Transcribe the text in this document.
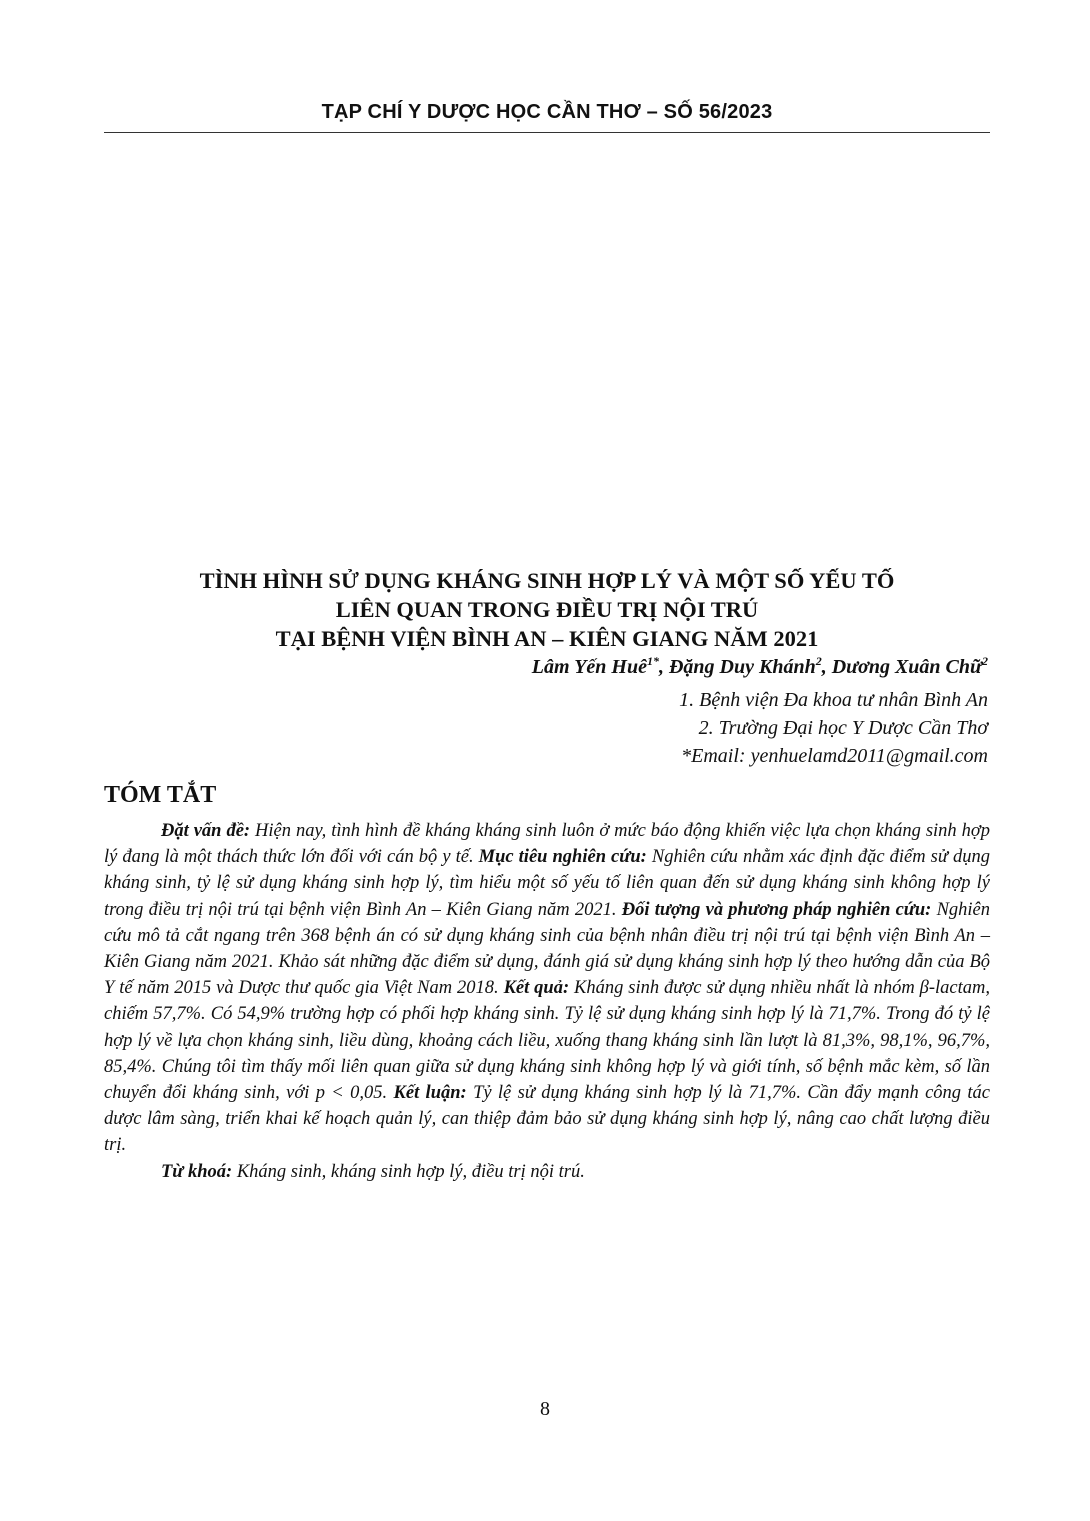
TẠP CHÍ Y DƯỢC HỌC CẦN THƠ – SỐ 56/2023
TÌNH HÌNH SỬ DỤNG KHÁNG SINH HỢP LÝ VÀ MỘT SỐ YẾU TỐ
LIÊN QUAN TRONG ĐIỀU TRỊ NỘI TRÚ
TẠI BỆNH VIỆN BÌNH AN – KIÊN GIANG NĂM 2021
Lâm Yến Huê$^{1*}$, Đặng Duy Khánh$^2$, Dương Xuân Chữ$^2$
1. Bệnh viện Đa khoa tư nhân Bình An
2. Trường Đại học Y Dược Cần Thơ
*Email: yenhuelamd2011@gmail.com
TÓM TẮT

Đặt vấn đề: Hiện nay, tình hình đề kháng kháng sinh luôn ở mức báo động khiến việc lựa chọn kháng sinh hợp lý đang là một thách thức lớn đối với cán bộ y tế. Mục tiêu nghiên cứu: Nghiên cứu nhằm xác định đặc điểm sử dụng kháng sinh, tỷ lệ sử dụng kháng sinh hợp lý, tìm hiểu một số yếu tố liên quan đến sử dụng kháng sinh không hợp lý trong điều trị nội trú tại bệnh viện Bình An – Kiên Giang năm 2021. Đối tượng và phương pháp nghiên cứu: Nghiên cứu mô tả cắt ngang trên 368 bệnh án có sử dụng kháng sinh của bệnh nhân điều trị nội trú tại bệnh viện Bình An – Kiên Giang năm 2021. Khảo sát những đặc điểm sử dụng, đánh giá sử dụng kháng sinh hợp lý theo hướng dẫn của Bộ Y tế năm 2015 và Dược thư quốc gia Việt Nam 2018. Kết quả: Kháng sinh được sử dụng nhiều nhất là nhóm β-lactam, chiếm 57,7%. Có 54,9% trường hợp có phối hợp kháng sinh. Tỷ lệ sử dụng kháng sinh hợp lý là 71,7%. Trong đó tỷ lệ hợp lý về lựa chọn kháng sinh, liều dùng, khoảng cách liều, xuống thang kháng sinh lần lượt là 81,3%, 98,1%, 96,7%, 85,4%. Chúng tôi tìm thấy mối liên quan giữa sử dụng kháng sinh không hợp lý và giới tính, số bệnh mắc kèm, số lần chuyển đổi kháng sinh, với p < 0,05. Kết luận: Tỷ lệ sử dụng kháng sinh hợp lý là 71,7%. Cần đẩy mạnh công tác dược lâm sàng, triển khai kế hoạch quản lý, can thiệp đảm bảo sử dụng kháng sinh hợp lý, nâng cao chất lượng điều trị.

Từ khoá: Kháng sinh, kháng sinh hợp lý, điều trị nội trú.

8
